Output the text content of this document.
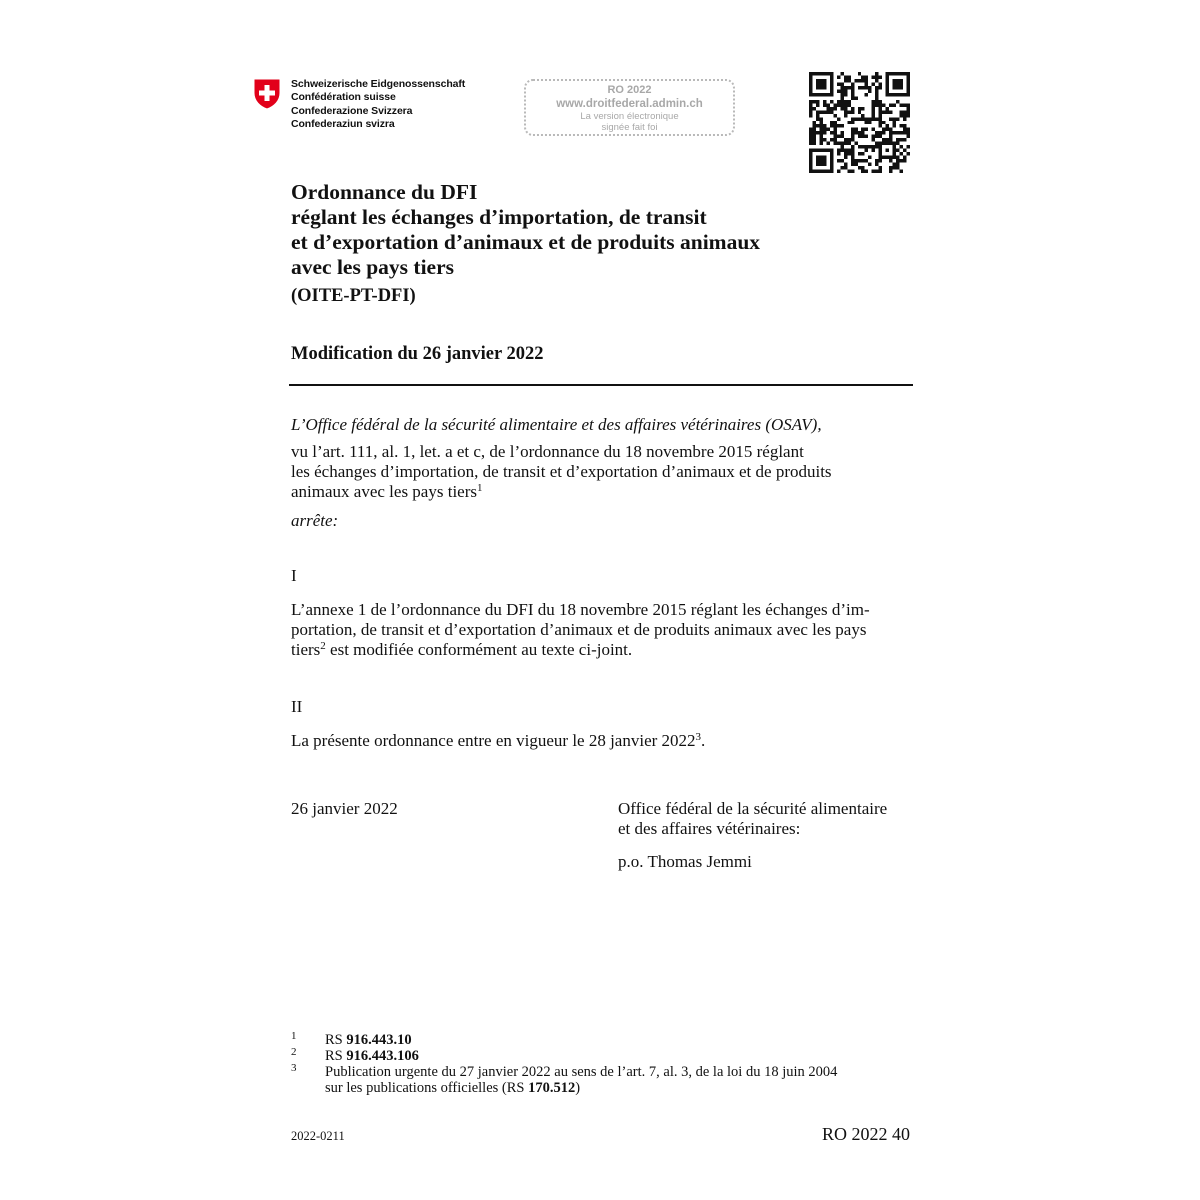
Schweizerische Eidgenossenschaft
Confédération suisse
Confederazione Svizzera
Confederaziun svizra
RO 2022
www.droitfederal.admin.ch
La version électronique
signée fait foi
Ordonnance du DFI
réglant les échanges d’importation, de transit
et d’exportation d’animaux et de produits animaux
avec les pays tiers
(OITE-PT-DFI)
Modification du 26 janvier 2022
L’Office fédéral de la sécurité alimentaire et des affaires vétérinaires (OSAV),
vu l’art. 111, al. 1, let. a et c, de l’ordonnance du 18 novembre 2015 réglant
les échanges d’importation, de transit et d’exportation d’animaux et de produits
animaux avec les pays tiers$^1$
arrête:
I
L’annexe 1 de l’ordonnance du DFI du 18 novembre 2015 réglant les échanges d’im-
portation, de transit et d’exportation d’animaux et de produits animaux avec les pays
tiers$^2$ est modifiée conformément au texte ci-joint.
II
La présente ordonnance entre en vigueur le 28 janvier 2022$^3$.
26 janvier 2022	Office fédéral de la sécurité alimentaire
et des affaires vétérinaires:
p.o. Thomas Jemmi
1 RS 916.443.10
2 RS 916.443.106
3 Publication urgente du 27 janvier 2022 au sens de l’art. 7, al. 3, de la loi du 18 juin 2004
sur les publications officielles (RS 170.512)
2022-0211	RO 2022 40
